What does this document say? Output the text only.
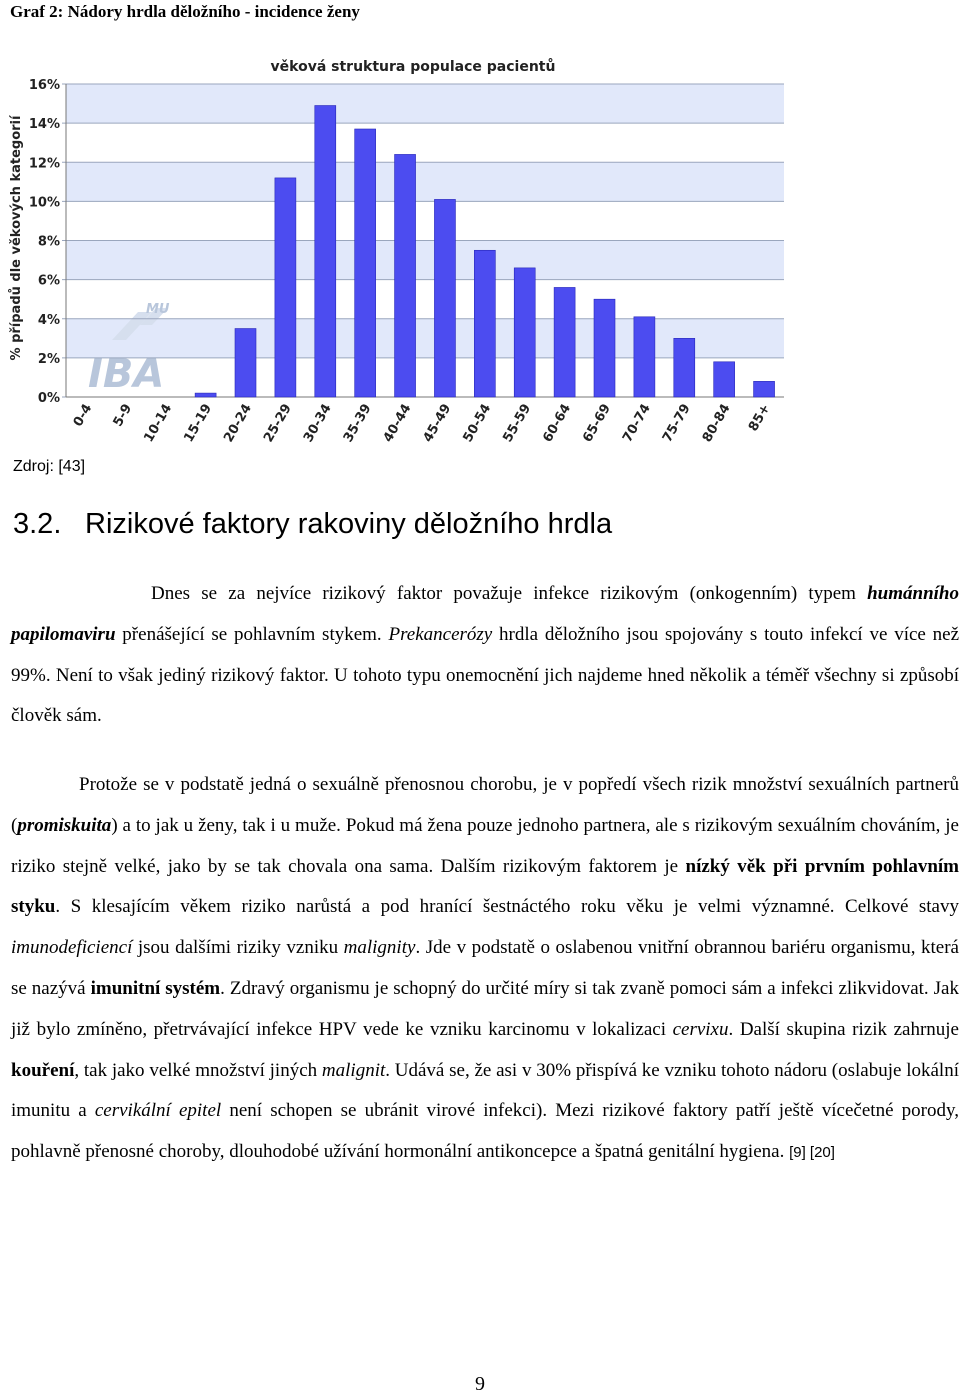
Graf 2: Nádory hrdla děložního - incidence ženy
MU
IBA
0%
2%
4%
6%
8%
10%
12%
14%
16%
0-4 5-9 10-14 15-19 20-24 25-29 30-34 35-39 40-44 45-49 50-54 55-59 60-64 65-69 70-74 75-79 80-84 85+
věková struktura populace pacientů
% případů dle věkových kategorií
Zdroj: [43]
3.2. Rizikové faktory rakoviny děložního hrdla

Dnes se za nejvíce rizikový faktor považuje infekce rizikovým (onkogenním) typem humánního papilomaviru přenášející se pohlavním stykem. Prekancerózy hrdla děložního jsou spojovány s touto infekcí ve více než 99%. Není to však jediný rizikový faktor. U tohoto typu onemocnění jich najdeme hned několik a téměř všechny si způsobí člověk sám.

Protože se v podstatě jedná o sexuálně přenosnou chorobu, je v popředí všech rizik množství sexuálních partnerů (promiskuita) a to jak u ženy, tak i u muže. Pokud má žena pouze jednoho partnera, ale s rizikovým sexuálním chováním, je riziko stejně velké, jako by se tak chovala ona sama. Dalším rizikovým faktorem je nízký věk při prvním pohlavním styku. S klesajícím věkem riziko narůstá a pod hranící šestnáctého roku věku je velmi významné. Celkové stavy imunodeficiencí jsou dalšími riziky vzniku malignity. Jde v podstatě o oslabenou vnitřní obrannou bariéru organismu, která se nazývá imunitní systém. Zdravý organismu je schopný do určité míry si tak zvaně pomoci sám a infekci zlikvidovat. Jak již bylo zmíněno, přetrvávající infekce HPV vede ke vzniku karcinomu v lokalizaci cervixu. Další skupina rizik zahrnuje kouření, tak jako velké množství jiných malignit. Udává se, že asi v 30% přispívá ke vzniku tohoto nádoru (oslabuje lokální imunitu a cervikální epitel není schopen se ubránit virové infekci). Mezi rizikové faktory patří ještě vícečetné porody, pohlavně přenosné choroby, dlouhodobé užívání hormonální antikoncepce a špatná genitální hygiena. [9] [20]

9
